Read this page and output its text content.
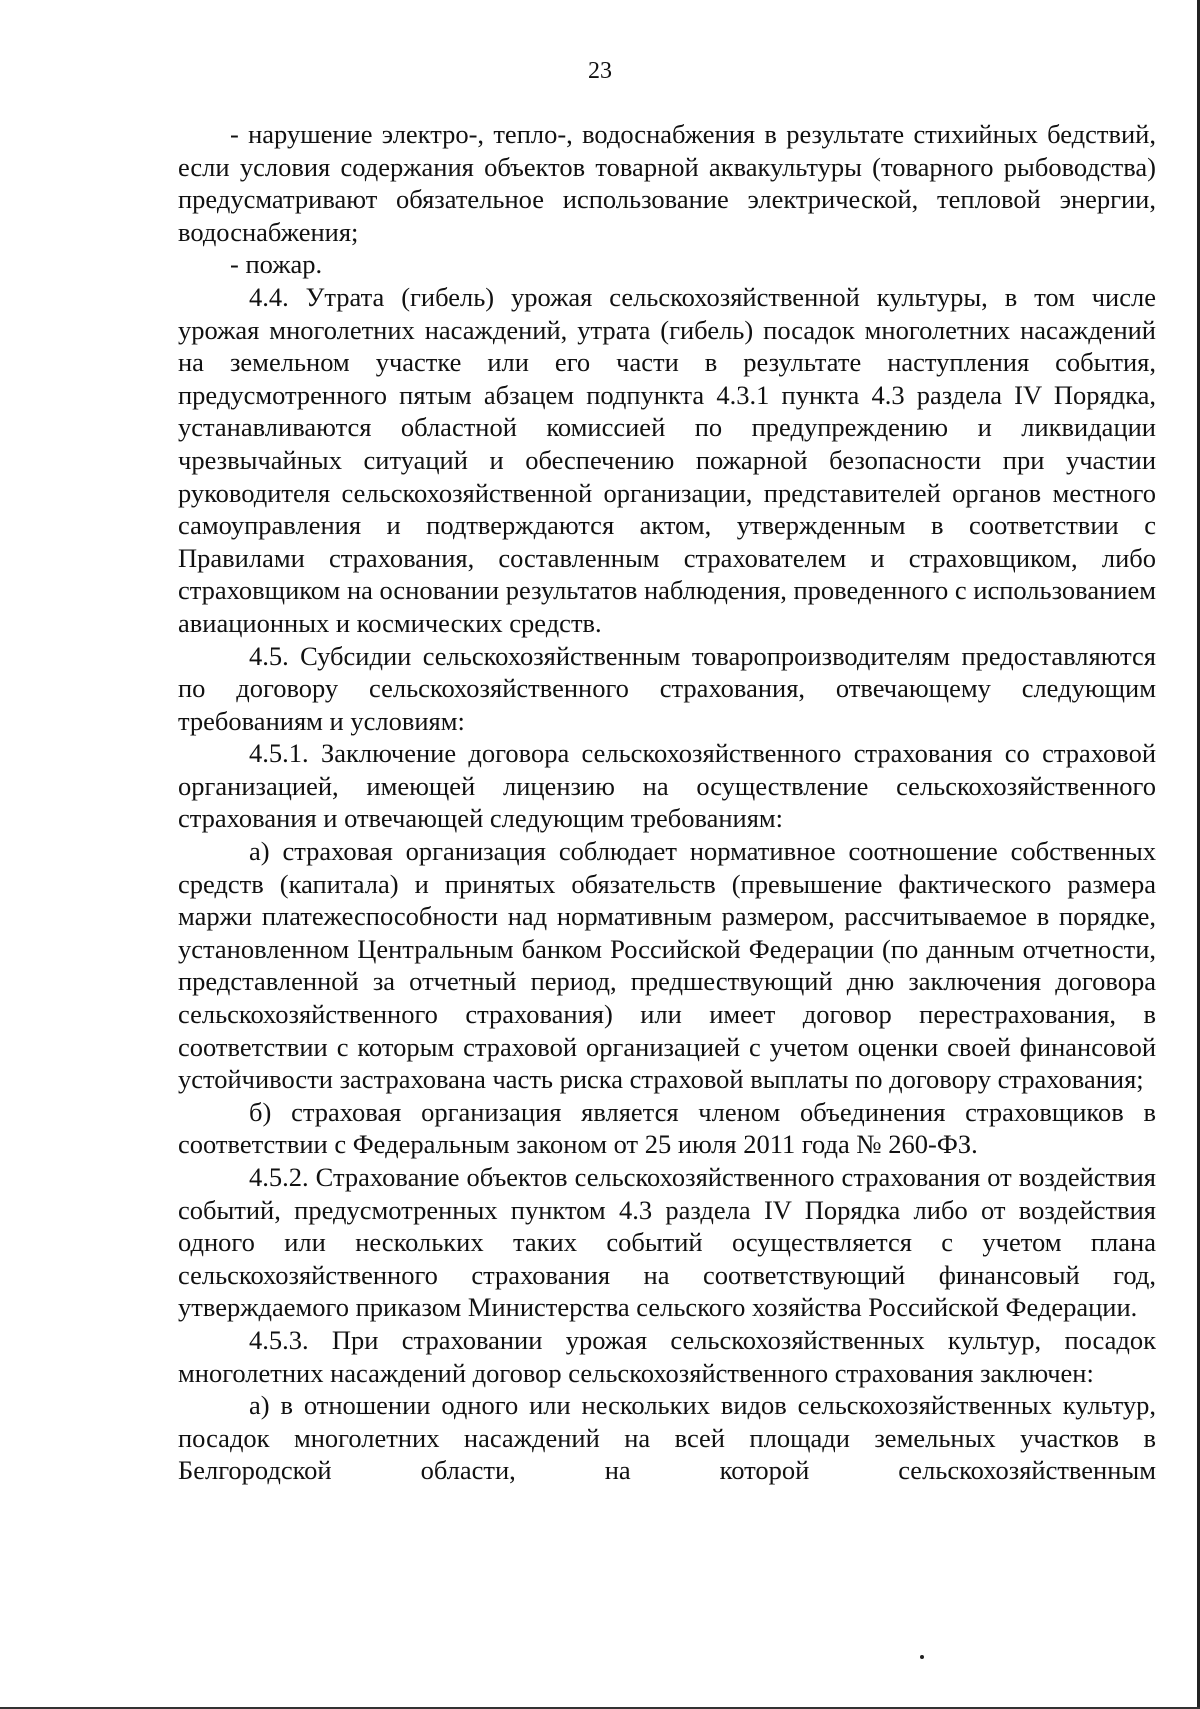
23

- нарушение электро-, тепло-, водоснабжения в результате стихийных бедствий, если условия содержания объектов товарной аквакультуры (товарного рыбоводства) предусматривают обязательное использование электрической, тепловой энергии, водоснабжения;

- пожар.

4.4. Утрата (гибель) урожая сельскохозяйственной культуры, в том числе урожая многолетних насаждений, утрата (гибель) посадок многолетних насаждений на земельном участке или его части в результате наступления события, предусмотренного пятым абзацем подпункта 4.3.1 пункта 4.3 раздела IV Порядка, устанавливаются областной комиссией по предупреждению и ликвидации чрезвычайных ситуаций и обеспечению пожарной безопасности при участии руководителя сельскохозяйственной организации, представителей органов местного самоуправления и подтверждаются актом, утвержденным в соответствии с Правилами страхования, составленным страхователем и страховщиком, либо страховщиком на основании результатов наблюдения, проведенного с использованием авиационных и космических средств.

4.5. Субсидии сельскохозяйственным товаропроизводителям предоставляются по договору сельскохозяйственного страхования, отвечающему следующим требованиям и условиям:

4.5.1. Заключение договора сельскохозяйственного страхования со страховой организацией, имеющей лицензию на осуществление сельскохозяйственного страхования и отвечающей следующим требованиям:

а) страховая организация соблюдает нормативное соотношение собственных средств (капитала) и принятых обязательств (превышение фактического размера маржи платежеспособности над нормативным размером, рассчитываемое в порядке, установленном Центральным банком Российской Федерации (по данным отчетности, представленной за отчетный период, предшествующий дню заключения договора сельскохозяйственного страхования) или имеет договор перестрахования, в соответствии с которым страховой организацией с учетом оценки своей финансовой устойчивости застрахована часть риска страховой выплаты по договору страхования;

б) страховая организация является членом объединения страховщиков в соответствии с Федеральным законом от 25 июля 2011 года № 260-ФЗ.

4.5.2. Страхование объектов сельскохозяйственного страхования от воздействия событий, предусмотренных пунктом 4.3 раздела IV Порядка либо от воздействия одного или нескольких таких событий осуществляется с учетом плана сельскохозяйственного страхования на соответствующий финансовый год, утверждаемого приказом Министерства сельского хозяйства Российской Федерации.

4.5.3. При страховании урожая сельскохозяйственных культур, посадок многолетних насаждений договор сельскохозяйственного страхования заключен:

а) в отношении одного или нескольких видов сельскохозяйственных культур, посадок многолетних насаждений на всей площади земельных участков в Белгородской области, на которой сельскохозяйственным
